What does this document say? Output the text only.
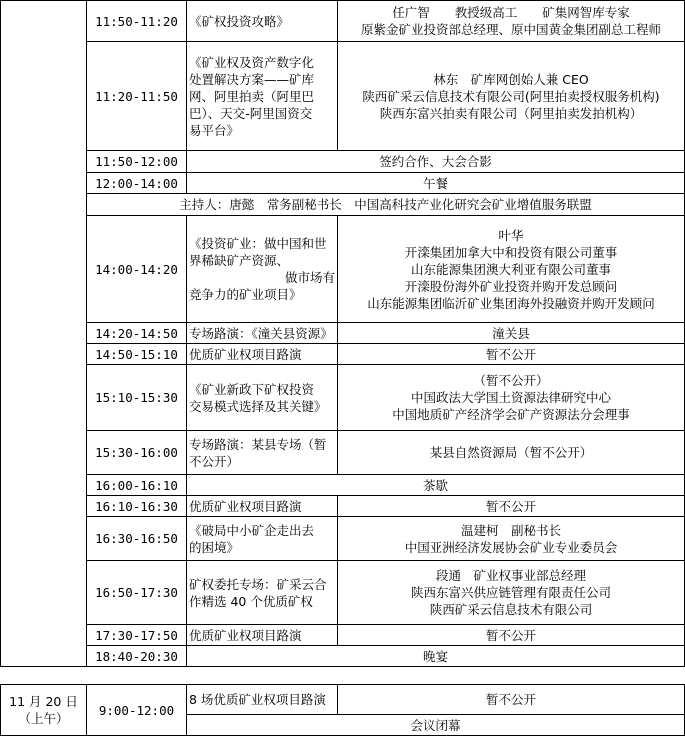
	11:50-11:20	《矿权投资攻略》	任广智　　教授级高工　　矿集网智库专家
原紫金矿业投资部总经理、原中国黄金集团副总工程师

	11:20-11:50	《矿业权及资产数字化
处置解决方案——矿库
网、阿里拍卖（阿里巴
巴）、天交-阿里国资交
易平台》	林东　矿库网创始人兼 CEO
陕西矿采云信息技术有限公司(阿里拍卖授权服务机构)
陕西东富兴拍卖有限公司（阿里拍卖发拍机构）

	11:50-12:00	签约合作、大会合影	
	12:00-14:00	午餐	
	主持人：唐懿　常务副秘书长　中国高科技产业化研究会矿业增值服务联盟		
	14:00-14:20	《投资矿业：做中国和世
界稀缺矿产资源、
做市场有
竞争力的矿业项目》	叶华
开滦集团加拿大中和投资有限公司董事
山东能源集团澳大利亚有限公司董事
开滦股份海外矿业投资并购开发总顾问
山东能源集团临沂矿业集团海外投融资并购开发顾问

	14:20-14:50	专场路演：《潼关县资源》	潼关县
	14:50-15:10	优质矿业权项目路演	暂不公开
	15:10-15:30	《矿业新政下矿权投资
交易模式选择及其关键》	（暂不公开）
中国政法大学国土资源法律研究中心
中国地质矿产经济学会矿产资源法分会理事

	15:30-16:00	专场路演：某县专场（暂
不公开）	某县自然资源局（暂不公开）
	16:00-16:10	茶歇	
	16:10-16:30	优质矿业权项目路演	暂不公开
	16:30-16:50	《破局中小矿企走出去
的困境》	温建柯　副秘书长
中国亚洲经济发展协会矿业专业委员会

	16:50-17:30	矿权委托专场：矿采云合
作精选 40 个优质矿权	段通　矿业权事业部总经理
陕西东富兴供应链管理有限责任公司
陕西矿采云信息技术有限公司

	17:30-17:50	优质矿业权项目路演	暂不公开
	18:40-20:30	晚宴	
11 月 20 日
（上午）
	9:00-12:00	8 场优质矿业权项目路演	暂不公开
会议闭幕
